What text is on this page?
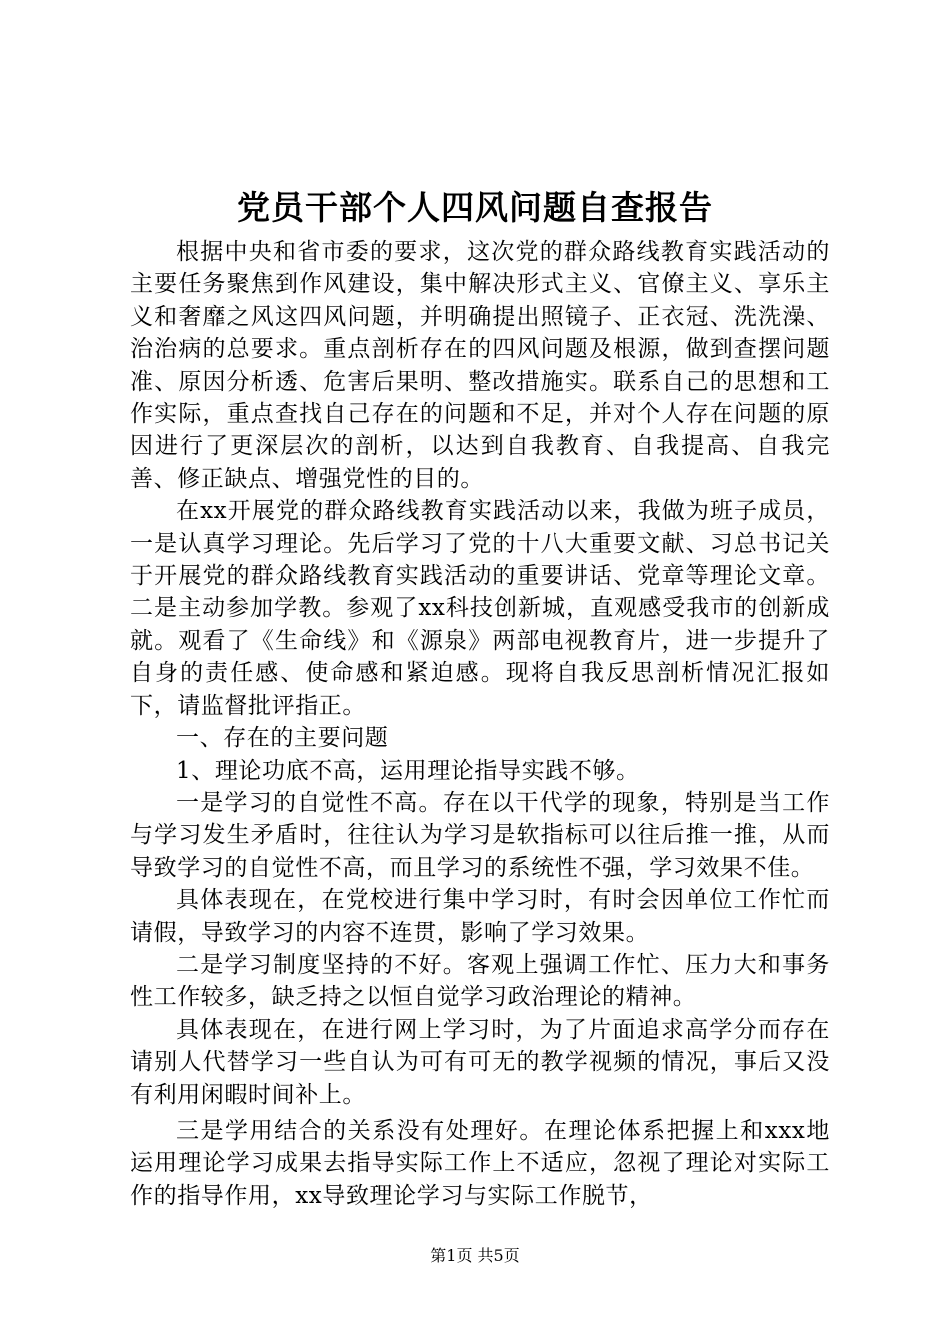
党员干部个人四风问题自查报告

根据中央和省市委的要求，这次党的群众路线教育实践活动的主要任务聚焦到作风建设，集中解决形式主义、官僚主义、享乐主义和奢靡之风这四风问题，并明确提出照镜子、正衣冠、洗洗澡、治治病的总要求。重点剖析存在的四风问题及根源，做到查摆问题准、原因分析透、危害后果明、整改措施实。联系自己的思想和工作实际，重点查找自己存在的问题和不足，并对个人存在问题的原因进行了更深层次的剖析，以达到自我教育、自我提高、自我完善、修正缺点、增强党性的目的。

在xx开展党的群众路线教育实践活动以来，我做为班子成员，一是认真学习理论。先后学习了党的十八大重要文献、习总书记关于开展党的群众路线教育实践活动的重要讲话、党章等理论文章。二是主动参加学教。参观了xx科技创新城，直观感受我市的创新成就。观看了《生命线》和《源泉》两部电视教育片，进一步提升了自身的责任感、使命感和紧迫感。现将自我反思剖析情况汇报如下，请监督批评指正。

一、存在的主要问题

1、理论功底不高，运用理论指导实践不够。

一是学习的自觉性不高。存在以干代学的现象，特别是当工作与学习发生矛盾时，往往认为学习是软指标可以往后推一推，从而导致学习的自觉性不高，而且学习的系统性不强，学习效果不佳。

具体表现在，在党校进行集中学习时，有时会因单位工作忙而请假，导致学习的内容不连贯，影响了学习效果。

二是学习制度坚持的不好。客观上强调工作忙、压力大和事务性工作较多，缺乏持之以恒自觉学习政治理论的精神。

具体表现在，在进行网上学习时，为了片面追求高学分而存在请别人代替学习一些自认为可有可无的教学视频的情况，事后又没有利用闲暇时间补上。

三是学用结合的关系没有处理好。在理论体系把握上和xxx地运用理论学习成果去指导实际工作上不适应，忽视了理论对实际工作的指导作用，xx导致理论学习与实际工作脱节，

第1页 共5页
